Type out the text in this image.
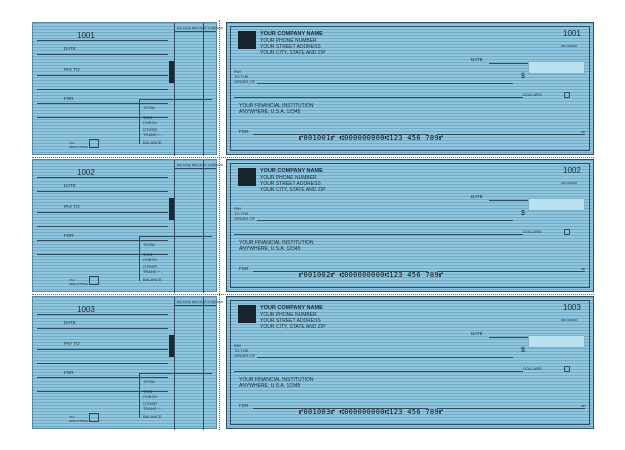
1001
DATE
PAY TO
FOR
TOTAL
THIS CHECK
OTHER TRANS + -
BALANCE
TAX DEDUCTIBLE
BALANCE BROUGHT FORWARD
YOUR COMPANY NAME
YOUR PHONE NUMBER
YOUR STREET ADDRESS
YOUR CITY, STATE AND ZIP
1001
000-000000
DATE
PAY
TO THE
ORDER OF
$
DOLLARS
YOUR FINANCIAL INSTITUTION
ANYWHERE, U.S.A. 12345
FOR	MP
⑈001001⑈ ⑆000000000⑆123 456 789⑈
1002
DATE
PAY TO
FOR
TOTAL
THIS CHECK
OTHER TRANS + -
BALANCE
TAX DEDUCTIBLE
BALANCE BROUGHT FORWARD
YOUR COMPANY NAME
YOUR PHONE NUMBER
YOUR STREET ADDRESS
YOUR CITY, STATE AND ZIP
1002
000-000000
DATE
PAY
TO THE
ORDER OF
$
DOLLARS
YOUR FINANCIAL INSTITUTION
ANYWHERE, U.S.A. 12345
FOR	MP
⑈001002⑈ ⑆000000000⑆123 456 789⑈
1003
DATE
PAY TO
FOR
TOTAL
THIS CHECK
OTHER TRANS + -
BALANCE
TAX DEDUCTIBLE
BALANCE BROUGHT FORWARD
YOUR COMPANY NAME
YOUR PHONE NUMBER
YOUR STREET ADDRESS
YOUR CITY, STATE AND ZIP
1003
000-000000
DATE
PAY
TO THE
ORDER OF
$
DOLLARS
YOUR FINANCIAL INSTITUTION
ANYWHERE, U.S.A. 12345
FOR	MP
⑈001003⑈ ⑆000000000⑆123 456 789⑈
